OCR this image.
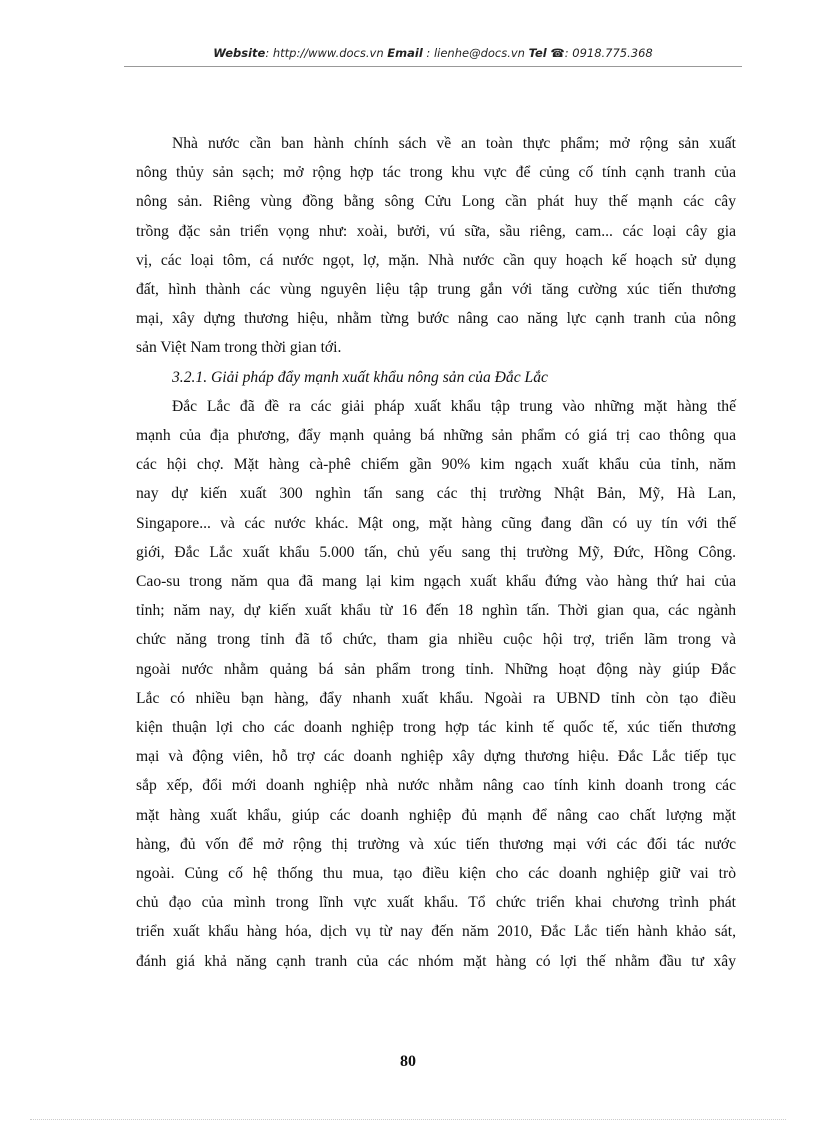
Website: http://www.docs.vn Email : lienhe@docs.vn Tel ☎: 0918.775.368

Nhà nước cần ban hành chính sách về an toàn thực phẩm; mở rộng sản xuất
nông thủy sản sạch; mở rộng hợp tác trong khu vực để củng cố tính cạnh tranh của
nông sản. Riêng vùng đồng bằng sông Cửu Long cần phát huy thế mạnh các cây
trồng đặc sản triển vọng như: xoài, bưởi, vú sữa, sầu riêng, cam... các loại cây gia
vị, các loại tôm, cá nước ngọt, lợ, mặn. Nhà nước cần quy hoạch kế hoạch sử dụng
đất, hình thành các vùng nguyên liệu tập trung gắn với tăng cường xúc tiến thương
mại, xây dựng thương hiệu, nhằm từng bước nâng cao năng lực cạnh tranh của nông
sản Việt Nam trong thời gian tới.

3.2.1. Giải pháp đẩy mạnh xuất khẩu nông sản của Đắc Lắc

Đắc Lắc đã đề ra các giải pháp xuất khẩu tập trung vào những mặt hàng thế
mạnh của địa phương, đẩy mạnh quảng bá những sản phẩm có giá trị cao thông qua
các hội chợ. Mặt hàng cà-phê chiếm gần 90% kim ngạch xuất khẩu của tỉnh, năm
nay dự kiến xuất 300 nghìn tấn sang các thị trường Nhật Bản, Mỹ, Hà Lan,
Singapore... và các nước khác. Mật ong, mặt hàng cũng đang dần có uy tín với thế
giới, Đắc Lắc xuất khẩu 5.000 tấn, chủ yếu sang thị trường Mỹ, Đức, Hồng Công.
Cao-su trong năm qua đã mang lại kim ngạch xuất khẩu đứng vào hàng thứ hai của
tỉnh; năm nay, dự kiến xuất khẩu từ 16 đến 18 nghìn tấn. Thời gian qua, các ngành
chức năng trong tỉnh đã tổ chức, tham gia nhiều cuộc hội trợ, triển lãm trong và
ngoài nước nhằm quảng bá sản phẩm trong tỉnh. Những hoạt động này giúp Đắc
Lắc có nhiều bạn hàng, đẩy nhanh xuất khẩu. Ngoài ra UBND tỉnh còn tạo điều
kiện thuận lợi cho các doanh nghiệp trong hợp tác kinh tế quốc tế, xúc tiến thương
mại và động viên, hỗ trợ các doanh nghiệp xây dựng thương hiệu. Đắc Lắc tiếp tục
sắp xếp, đổi mới doanh nghiệp nhà nước nhằm nâng cao tính kinh doanh trong các
mặt hàng xuất khẩu, giúp các doanh nghiệp đủ mạnh để nâng cao chất lượng mặt
hàng, đủ vốn để mở rộng thị trường và xúc tiến thương mại với các đối tác nước
ngoài. Củng cố hệ thống thu mua, tạo điều kiện cho các doanh nghiệp giữ vai trò
chủ đạo của mình trong lĩnh vực xuất khẩu. Tổ chức triển khai chương trình phát
triển xuất khẩu hàng hóa, dịch vụ từ nay đến năm 2010, Đắc Lắc tiến hành khảo sát,
đánh giá khả năng cạnh tranh của các nhóm mặt hàng có lợi thế nhằm đầu tư xây

80
